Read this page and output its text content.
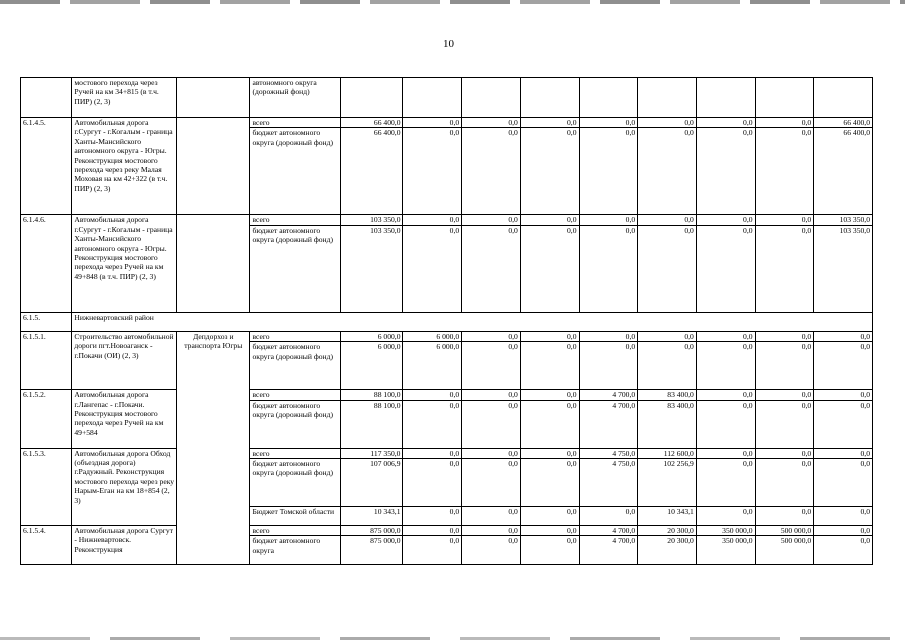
10
	мостового перехода через Ручей на км 34+815 (в т.ч. ПИР) (2, 3)		автономного округа (дорожный фонд)									
6.1.4.5.	Автомобильная дорога г.Сургут - г.Когалым - граница Ханты-Мансийского автономного округа - Югры. Реконструкция мостового перехода через реку Малая Моховая на км 42+322 (в т.ч. ПИР) (2, 3)		всего	66 400,0	0,0	0,0	0,0	0,0	0,0	0,0	0,0	66 400,0
			бюджет автономного округа (дорожный фонд)	66 400,0	0,0	0,0	0,0	0,0	0,0	0,0	0,0	66 400,0
6.1.4.6.	Автомобильная дорога г.Сургут - г.Когалым - граница Ханты-Мансийского автономного округа - Югры. Реконструкция мостового перехода через Ручей на км 49+848 (в т.ч. ПИР) (2, 3)		всего	103 350,0	0,0	0,0	0,0	0,0	0,0	0,0	0,0	103 350,0
			бюджет автономного округа (дорожный фонд)	103 350,0	0,0	0,0	0,0	0,0	0,0	0,0	0,0	103 350,0
6.1.5.	Нижневартовский район											
6.1.5.1.	Строительство автомобильной дороги пгт.Новоаганск - г.Покачи (ОИ) (2, 3)	Депдорхоз и транспорта Югры	всего	6 000,0	6 000,0	0,0	0,0	0,0	0,0	0,0	0,0	0,0
			бюджет автономного округа (дорожный фонд)	6 000,0	6 000,0	0,0	0,0	0,0	0,0	0,0	0,0	0,0
6.1.5.2.	Автомобильная дорога г.Лангепас - г.Покачи. Реконструкция мостового перехода через Ручей на км 49+584		всего	88 100,0	0,0	0,0	0,0	4 700,0	83 400,0	0,0	0,0	0,0
			бюджет автономного округа (дорожный фонд)	88 100,0	0,0	0,0	0,0	4 700,0	83 400,0	0,0	0,0	0,0
6.1.5.3.	Автомобильная дорога Обход (объездная дорога) г.Радужный. Реконструкция мостового перехода через реку Нарым-Еган на км 18+854 (2, 3)		всего	117 350,0	0,0	0,0	0,0	4 750,0	112 600,0	0,0	0,0	0,0
			бюджет автономного округа (дорожный фонд)	107 006,9	0,0	0,0	0,0	4 750,0	102 256,9	0,0	0,0	0,0
			Бюджет Томской области	10 343,1	0,0	0,0	0,0	0,0	10 343,1	0,0	0,0	0,0
6.1.5.4.	Автомобильная дорога Сургут - Нижневартовск. Реконструкция		всего	875 000,0	0,0	0,0	0,0	4 700,0	20 300,0	350 000,0	500 000,0	0,0
			бюджет автономного округа	875 000,0	0,0	0,0	0,0	4 700,0	20 300,0	350 000,0	500 000,0	0,0
